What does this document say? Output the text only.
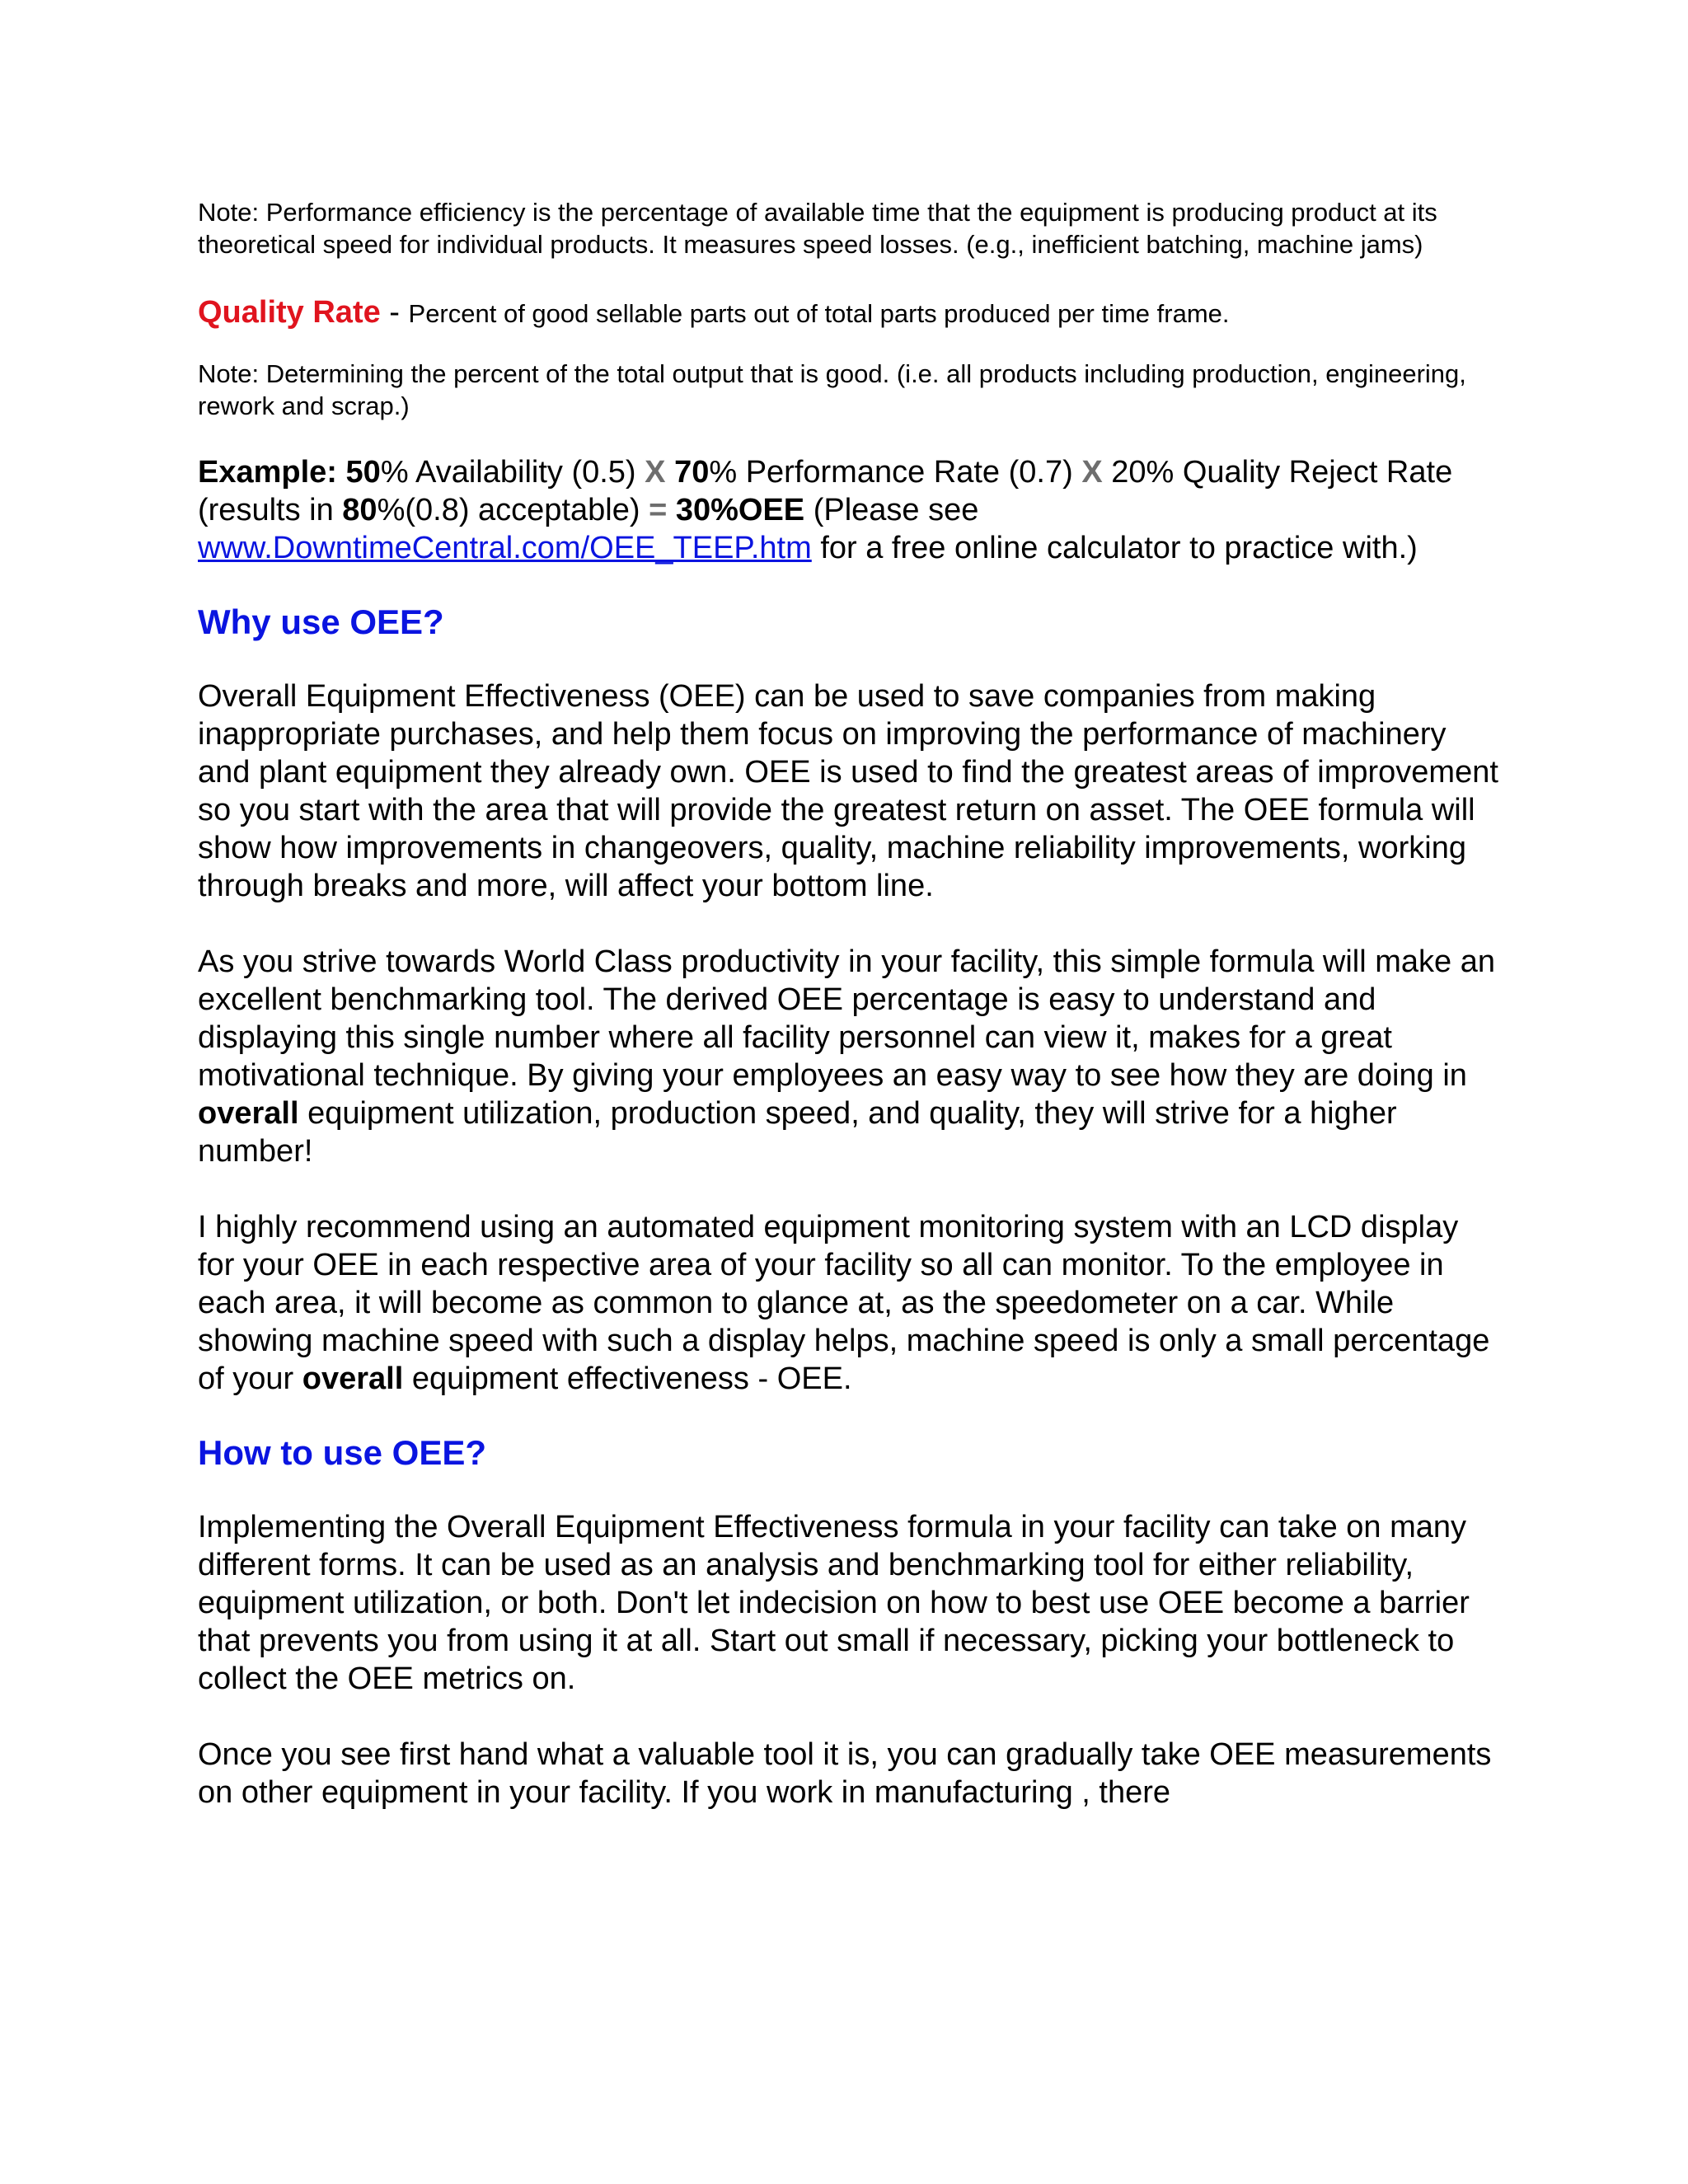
Note: Performance efficiency is the percentage of available time that the equipment is producing product at its theoretical speed for individual products. It measures speed losses. (e.g., inefficient batching, machine jams)

Quality Rate - Percent of good sellable parts out of total parts produced per time frame.

Note: Determining the percent of the total output that is good. (i.e. all products including production, engineering, rework and scrap.)

Example: 50% Availability (0.5) X 70% Performance Rate (0.7) X 20% Quality Reject Rate (results in 80%(0.8) acceptable) = 30%OEE (Please see
www.DowntimeCentral.com/OEE_TEEP.htm for a free online calculator to practice with.)

Why use OEE?

Overall Equipment Effectiveness (OEE) can be used to save companies from making inappropriate purchases, and help them focus on improving the performance of machinery and plant equipment they already own. OEE is used to find the greatest areas of improvement so you start with the area that will provide the greatest return on asset. The OEE formula will show how improvements in changeovers, quality, machine reliability improvements, working through breaks and more, will affect your bottom line.

As you strive towards World Class productivity in your facility, this simple formula will make an excellent benchmarking tool. The derived OEE percentage is easy to understand and displaying this single number where all facility personnel can view it, makes for a great motivational technique. By giving your employees an easy way to see how they are doing in overall equipment utilization, production speed, and quality, they will strive for a higher number!

I highly recommend using an automated equipment monitoring system with an LCD display for your OEE in each respective area of your facility so all can monitor. To the employee in each area, it will become as common to glance at, as the speedometer on a car. While showing machine speed with such a display helps, machine speed is only a small percentage of your overall equipment effectiveness - OEE.

How to use OEE?

Implementing the Overall Equipment Effectiveness formula in your facility can take on many different forms. It can be used as an analysis and benchmarking tool for either reliability, equipment utilization, or both. Don't let indecision on how to best use OEE become a barrier that prevents you from using it at all. Start out small if necessary, picking your bottleneck to collect the OEE metrics on.

Once you see first hand what a valuable tool it is, you can gradually take OEE measurements on other equipment in your facility. If you work in manufacturing , there
